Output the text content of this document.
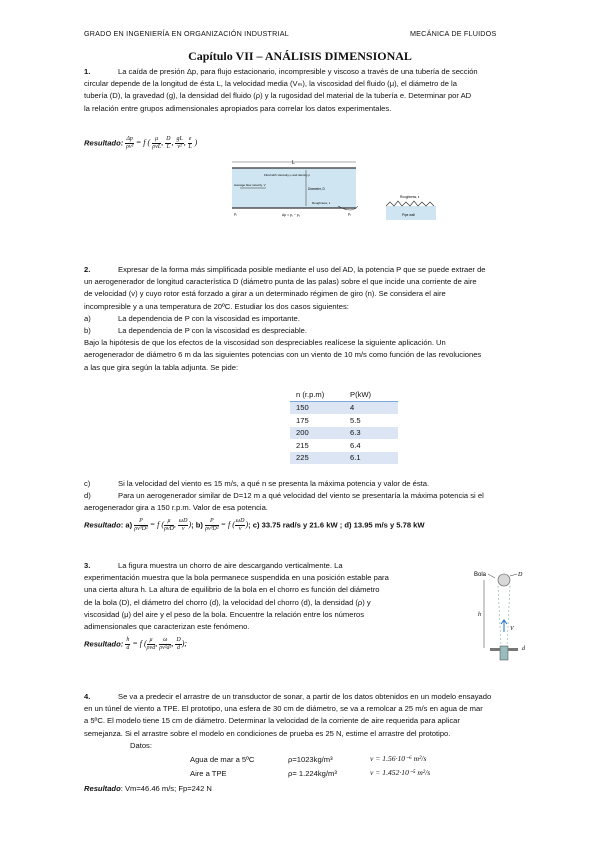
GRADO EN INGENIERÍA EN ORGANIZACIÓN INDUSTRIAL	MECÁNICA DE FLUIDOS
Capítulo VII – ANÁLISIS DIMENSIONAL
1.	La caída de presión Δp, para flujo estacionario, incompresible y viscoso a través de una tubería de sección
circular depende de la longitud de ésta L, la velocidad media (Vₘ), la viscosidad del fluido (μ), el diámetro de la
tubería (D), la gravedad (g), la densidad del fluido (ρ) y la rugosidad del material de la tubería e. Determinar por AD
la relación entre grupos adimensionales apropiados para correlar los datos experimentales.
Resultado: $\frac{\Delta p}{\text{ρv²}} = f$ ( μ
ρvL , $\frac{D}{L}$ , $\frac{gL}{\text{v²}}$ , $\frac{e}{L}$ )
L
Average flow velocity, V
Fluid with viscosity μ and density ρ
Diameter, D
Roughness, ε
Δp = p₁ − p₂
p₁	p₂
Roughness, ε
Pipe wall
2.	Expresar de la forma más simplificada posible mediante el uso del AD, la potencia P que se puede extraer de
un aerogenerador de longitud característica D (diámetro punta de las palas) sobre el que incide una corriente de aire
de velocidad (v) y cuyo rotor está forzado a girar a un determinado régimen de giro (n). Se considera el aire
incompresible y a una temperatura de 20ºC. Estudiar los dos casos siguientes:
a)	La dependencia de P con la viscosidad es importante.
b)	La dependencia de P con la viscosidad es despreciable.
Bajo la hipótesis de que los efectos de la viscosidad son despreciables realícese la siguiente aplicación. Un
aerogenerador de diámetro 6 m da las siguientes potencias con un viento de 10 m/s como función de las revoluciones
a las que gira según la tabla adjunta. Se pide:
n (r.p.m)	P(kW)
150	4
175	5.5
200	6.3
215	6.4
225	6.1
c)	Si la velocidad del viento es 15 m/s, a qué n se presenta la máxima potencia y valor de ésta.
d)	Para un aerogenerador similar de D=12 m a qué velocidad del viento se presentaría la máxima potencia si el
aerogenerador gira a 150 r.p.m. Valor de esa potencia.
Resultado: $a) \frac{P}{\text{ρv³D²}} = f$ ( μ
ρvD , $\frac{\omega D}{v}$ ); $b) \frac{P}{\text{ρv³D²}} = f$ ( $\frac{\omega D}{v}$ ); c) 33.75 rad/s y 21.6 kW ; d) 13.95 m/s y 5.78 kW
3.	La figura muestra un chorro de aire descargando verticalmente. La
experimentación muestra que la bola permanece suspendida en una posición estable para
una cierta altura h. La altura de equilibrio de la bola en el chorro es función del diámetro
de la bola (D), el diámetro del chorro (d), la velocidad del chorro (d), la densidad (ρ) y
viscosidad (μ) del aire y el peso de la bola. Encuentre la relación entre los números
adimensionales que caracterizan este fenómeno.
Resultado: $\frac{h}{d} = f$ ( μ
ρvd , $\frac{\omega}{\text{ρv²d²}}$ , $\frac{D}{d}$ );
Bola	D
h
V
d
4.	Se va a predecir el arrastre de un transductor de sonar, a partir de los datos obtenidos en un modelo ensayado
en un túnel de viento a TPE. El prototipo, una esfera de 30 cm de diámetro, se va a remolcar a 25 m/s en agua de mar
a 5ºC. El modelo tiene 15 cm de diámetro. Determinar la velocidad de la corriente de aire requerida para aplicar
semejanza. Si el arrastre sobre el modelo en condiciones de prueba es 25 N, estime el arrastre del prototipo.
Datos:
Agua de mar a 5ºC	ρ=1023kg/m³	ν = 1.56·10⁻⁶ m²/s
Aire a TPE	ρ= 1.224kg/m³	ν = 1.452·10⁻⁵ m²/s
Resultado: Vm=46.46 m/s; Fp=242 N
